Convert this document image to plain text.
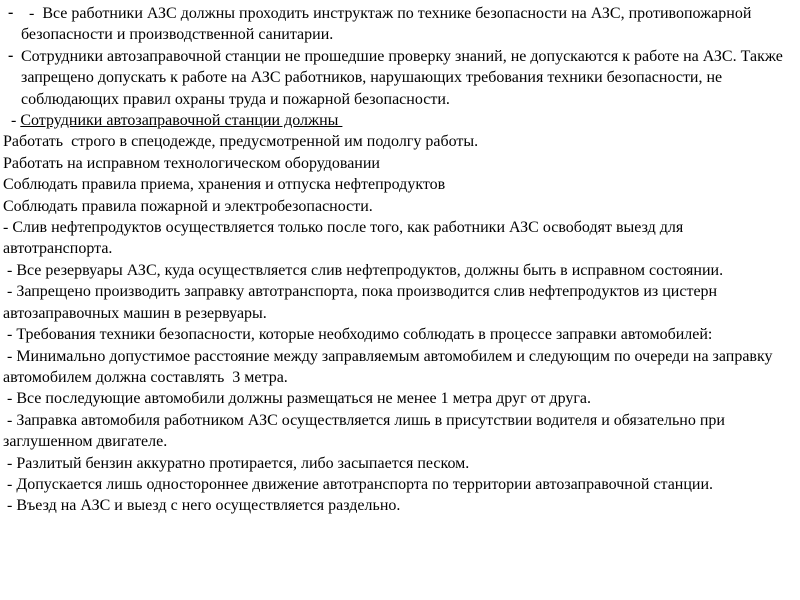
- -  Все работники АЗС должны проходить инструктаж по технике безопасности на АЗС, противопожарной безопасности и производственной санитарии.
- Сотрудники автозаправочной станции не прошедшие проверку знаний, не допускаются к работе на АЗС. Также запрещено допускать к работе на АЗС работников, нарушающих требования техники безопасности, не соблюдающих правил охраны труда и пожарной безопасности.

- Сотрудники автозаправочной станции должны

Работать  строго в спецодежде, предусмотренной им подолгу работы.

Работать на исправном технологическом оборудовании

Соблюдать правила приема, хранения и отпуска нефтепродуктов

Соблюдать правила пожарной и электробезопасности.

- Слив нефтепродуктов осуществляется только после того, как работники АЗС освободят выезд для автотранспорта.

- Все резервуары АЗС, куда осуществляется слив нефтепродуктов, должны быть в исправном состоянии.

- Запрещено производить заправку автотранспорта, пока производится слив нефтепродуктов из цистерн автозаправочных машин в резервуары.

- Требования техники безопасности, которые необходимо соблюдать в процессе заправки автомобилей:

- Минимально допустимое расстояние между заправляемым автомобилем и следующим по очереди на заправку автомобилем должна составлять  3 метра.

- Все последующие автомобили должны размещаться не менее 1 метра друг от друга.

- Заправка автомобиля работником АЗС осуществляется лишь в присутствии водителя и обязательно при заглушенном двигателе.

- Разлитый бензин аккуратно протирается, либо засыпается песком.

- Допускается лишь одностороннее движение автотранспорта по территории автозаправочной станции.

- Въезд на АЗС и выезд с него осуществляется раздельно.
